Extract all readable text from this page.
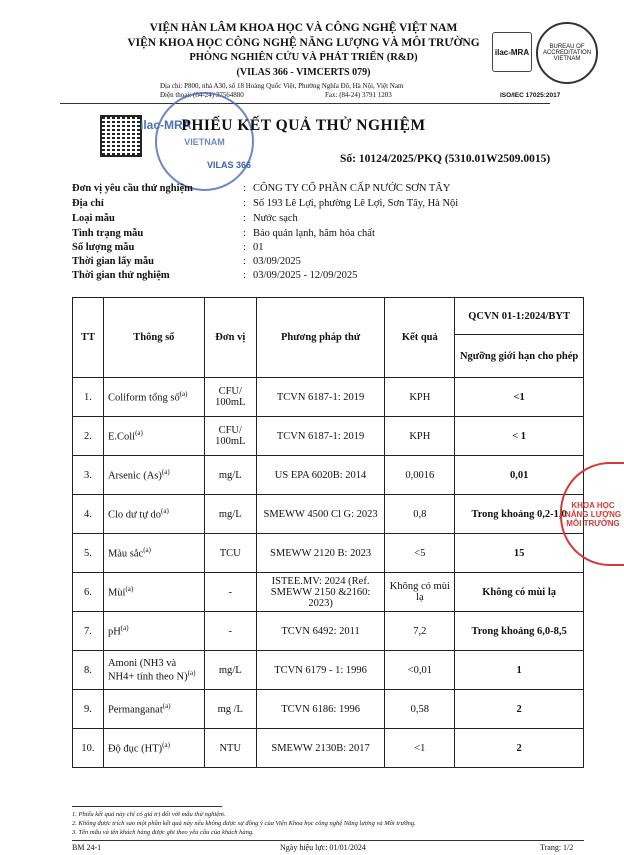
VIỆN HÀN LÂM KHOA HỌC VÀ CÔNG NGHỆ VIỆT NAM
VIỆN KHOA HỌC CÔNG NGHỆ NĂNG LƯỢNG VÀ MÔI TRƯỜNG
PHÒNG NGHIÊN CỨU VÀ PHÁT TRIỂN (R&D)
(VILAS 366 - VIMCERTS 079)
Địa chỉ: P800, nhà A30, số 18 Hoàng Quốc Việt, Phường Nghĩa Đô, Hà Nội, Việt Nam
Điện thoại: (84-24) 37564880	Fax: (84-24) 3791 1203
ilac-MRA
BUREAU OF ACCREDITATION VIETNAM
ISO/IEC 17025:2017
VIETNAM
ilac-MRA
VILAS 366
PHIẾU KẾT QUẢ THỬ NGHIỆM
Số: 10124/2025/PKQ (5310.01W2509.0015)
Đơn vị yêu cầu thử nghiệm	: CÔNG TY CỔ PHẦN CẤP NƯỚC SƠN TÂY
Địa chỉ	: Số 193 Lê Lợi, phường Lê Lợi, Sơn Tây, Hà Nội
Loại mẫu	: Nước sạch
Tình trạng mẫu	: Bảo quản lạnh, hãm hóa chất
Số lượng mẫu	: 01
Thời gian lấy mẫu	: 03/09/2025
Thời gian thử nghiệm	: 03/09/2025 - 12/09/2025
TT	Thông số	Đơn vị	Phương pháp thử	Kết quả	QCVN 01-1:2024/BYT
					Ngưỡng giới hạn cho phép
1.	Coliform tổng số$^{(a)}$	CFU/ 100mL	TCVN 6187-1: 2019	KPH	<1
2.	E.Coli$^{(a)}$	CFU/ 100mL	TCVN 6187-1: 2019	KPH	< 1
3.	Arsenic $(As)^{(a)}$	mg/L	US EPA 6020B: 2014	0,0016	0,01
4.	Clo dư tự $do^{(a)}$	mg/L	SMEWW 4500 Cl G: 2023	0,8	Trong khoảng 0,2-1,0
5.	Màu sắc$^{(a)}$	TCU	SMEWW 2120 B: 2023	<5	15
6.	Mùi$^{(a)}$	-	ISTEE.MV: 2024 (Ref. SMEWW 2150 &2160: 2023)	Không có mùi lạ	Không có mùi lạ
7.	$pH^{(a)}$	-	TCVN 6492: 2011	7,2	Trong khoảng 6,0-8,5
8.	Amoni (NH3 và NH4+ tính theo N)$^{(a)}$	mg/L	TCVN 6179 - 1: 1996	<0,01	1
9.	Permanganat$^{(a)}$	mg /L	TCVN 6186: 1996	0,58	2
10.	Độ đục (HT)$^{(a)}$	NTU	SMEWW 2130B: 2017	<1	2
KHOA HỌC
NĂNG LƯỢNG
MÔI TRƯỜNG
1. Phiếu kết quả này chỉ có giá trị đối với mẫu thử nghiệm.
2. Không được trích sao một phần kết quả này nếu không được sự đồng ý của Viện Khoa học công nghệ Năng lượng và Môi trường.
3. Tên mẫu và tên khách hàng được ghi theo yêu cầu của khách hàng.
BM 24-1	Ngày hiệu lực: 01/01/2024	Trang: 1/2
